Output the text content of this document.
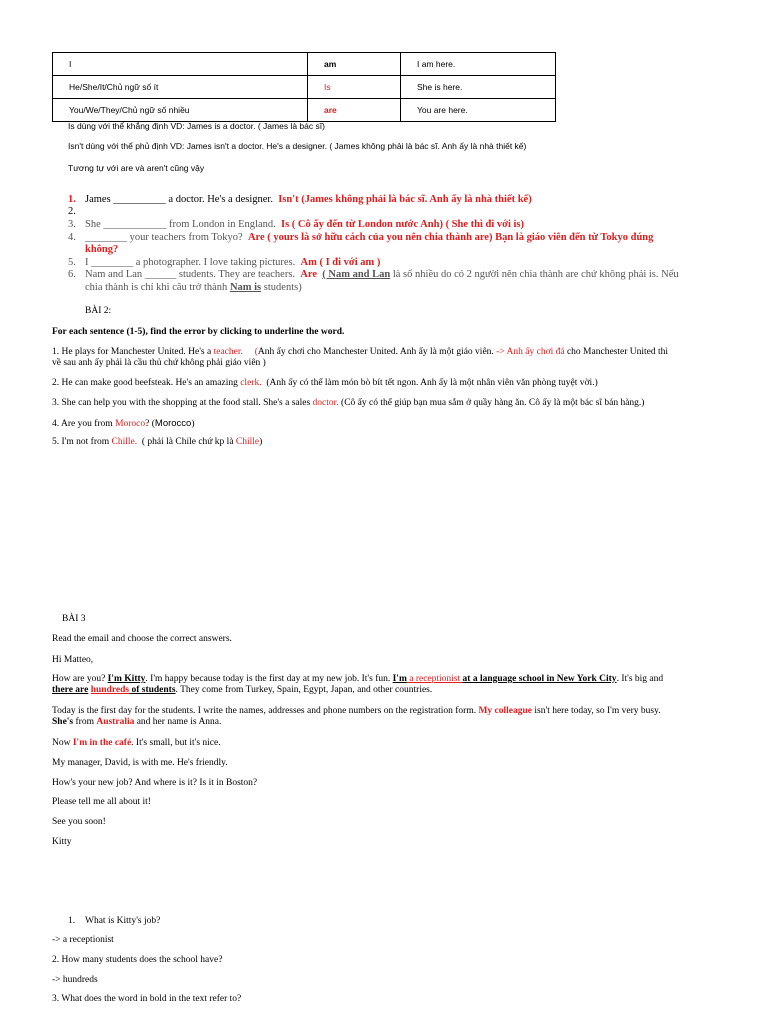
I	am	I am here.
He/She/It/Chủ ngữ số ít	Is	She is here.
You/We/They/Chủ ngữ số nhiều	are	You are here.
Is dùng với thể khẳng định VD: James is a doctor. ( James là bác sĩ)
Isn't dùng với thể phủ định VD: James isn't a doctor. He's a designer. ( James không phải là bác sĩ. Anh ấy là nhà thiết kế)
Tương tự với are và aren't cũng vậy
1. James __________ a doctor. He's a designer. Isn't (James không phải là bác sĩ. Anh ấy là nhà thiết kế)
2.
3. She ____________ from London in England. Is ( Cô ấy đến từ London nước Anh) ( She thì đi với is)
4. ________ your teachers from Tokyo? Are ( yours là sở hữu cách của you nên chia thành are) Bạn là giáo viên đến từ Tokyo đúng
không?
5. I ________ a photographer. I love taking pictures. Am ( I đi với am )
6. Nam and Lan ______ students. They are teachers. Are ( Nam and Lan là số nhiều do có 2 người nên chia thành are chứ không phải is. Nếu
chia thành is chỉ khi câu trở thành Nam is students)
BÀI 2:
For each sentence (1-5), find the error by clicking to underline the word.
1. He plays for Manchester United. He's a teacher. (Anh ấy chơi cho Manchester United. Anh ấy là một giáo viên. -> Anh ấy chơi đá cho Manchester United thì
về sau anh ấy phải là cầu thủ chứ không phải giáo viên )
2. He can make good beefsteak. He's an amazing clerk. (Anh ấy có thể làm món bò bít tết ngon. Anh ấy là một nhân viên văn phòng tuyệt vời.)
3. She can help you with the shopping at the food stall. She's a sales doctor. (Cô ấy có thể giúp bạn mua sắm ở quầy hàng ăn. Cô ấy là một bác sĩ bán hàng.)
4. Are you from Moroco? (Morocco)
5. I'm not from Chille. ( phải là Chile chứ kp là Chille)
BÀI 3
Read the email and choose the correct answers.
Hi Matteo,
How are you? I'm Kitty. I'm happy because today is the first day at my new job. It's fun. I'm a receptionist at a language school in New York City. It's big and
there are hundreds of students. They come from Turkey, Spain, Egypt, Japan, and other countries.
Today is the first day for the students. I write the names, addresses and phone numbers on the registration form. My colleague isn't here today, so I'm very busy.
She's from Australia and her name is Anna.
Now I'm in the café. It's small, but it's nice.
My manager, David, is with me. He's friendly.
How's your new job? And where is it? Is it in Boston?
Please tell me all about it!
See you soon!
Kitty
1. What is Kitty's job?
-> a receptionist
2. How many students does the school have?
-> hundreds
3. What does the word in bold in the text refer to?
